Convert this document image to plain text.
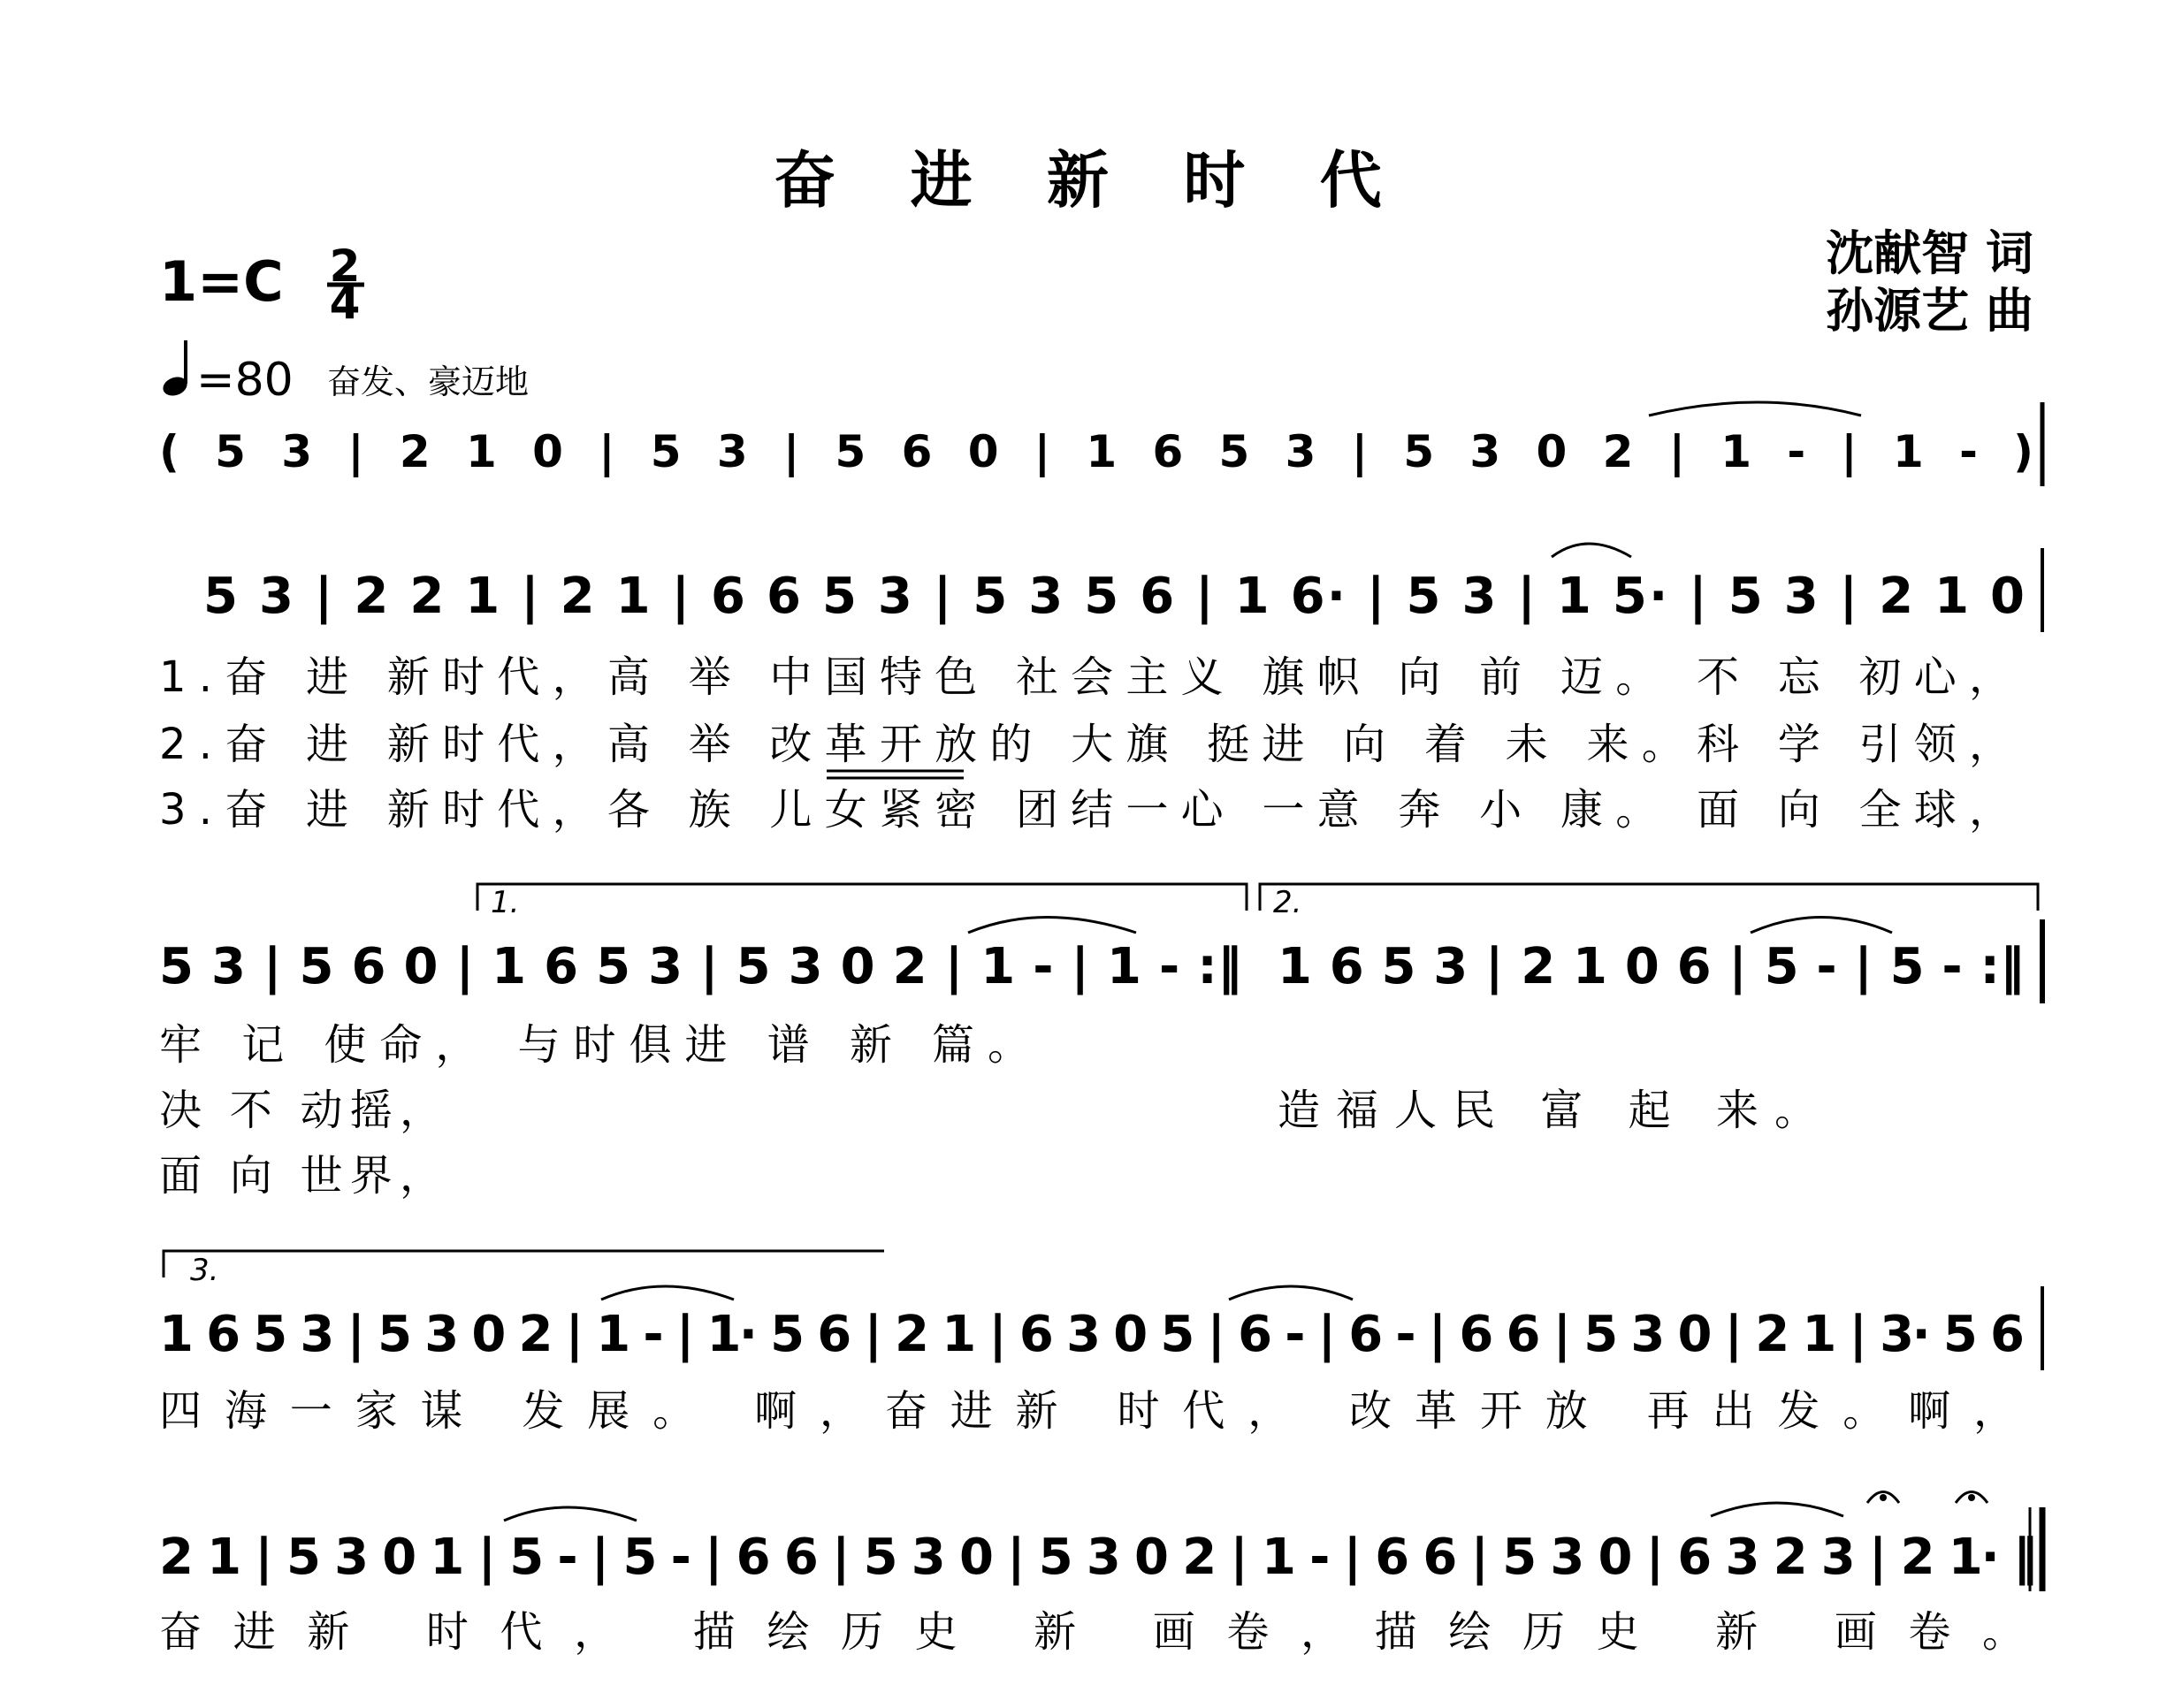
奋 进 新 时 代
1=C 2
4
=80 奋发、豪迈地
沈献智 词
孙源艺 曲
( 5 3 | 2 1 0 | 5 3 | 5 6 0 | 1 6 5 3 | 5 3 0 2 | 1 - | 1 - )
5 3 | 2 2 1 | 2 1 | 6 6 5 3 | 5 3 5 6 | 1 6· | 5 3 | 1 5· | 5 3 | 2 1 0
1.奋 进 新时代，高 举 中国特色 社会主义 旗帜 向 前 迈。 不 忘 初心，
2.奋 进 新时代，高 举 改革开放的 大旗 挺进 向 着 未 来。科 学 引领，
3.奋 进 新时代，各 族 儿女紧密 团结一心 一意 奔 小 康。 面 向 全球，
1.	2.
5 3 | 5 6 0 | 1 6 5 3 | 5 3 0 2 | 1 - | 1 - :‖ 1 6 5 3 | 2 1 0 6 | 5 - | 5 - :‖
牢 记 使命， 与时俱进 谱 新 篇。
决 不 动摇，	造福人民 富 起 来。
面 向 世界，
3.
1 6 5 3 | 5 3 0 2 | 1 - | 1· 5 6 | 2 1 | 6 3 0 5 | 6 - | 6 - | 6 6 | 5 3 0 | 2 1 | 3· 5 6
四海一家谋 发展。 啊，奋进新 时代， 改革开放 再出发。啊，
2 1 | 5 3 0 1 | 5 - | 5 - | 6 6 | 5 3 0 | 5 3 0 2 | 1 - | 6 6 | 5 3 0 | 6 3 2 3 | 2 1· ‖
奋进新 时代， 描绘历史 新 画卷，描绘历史 新 画卷。
